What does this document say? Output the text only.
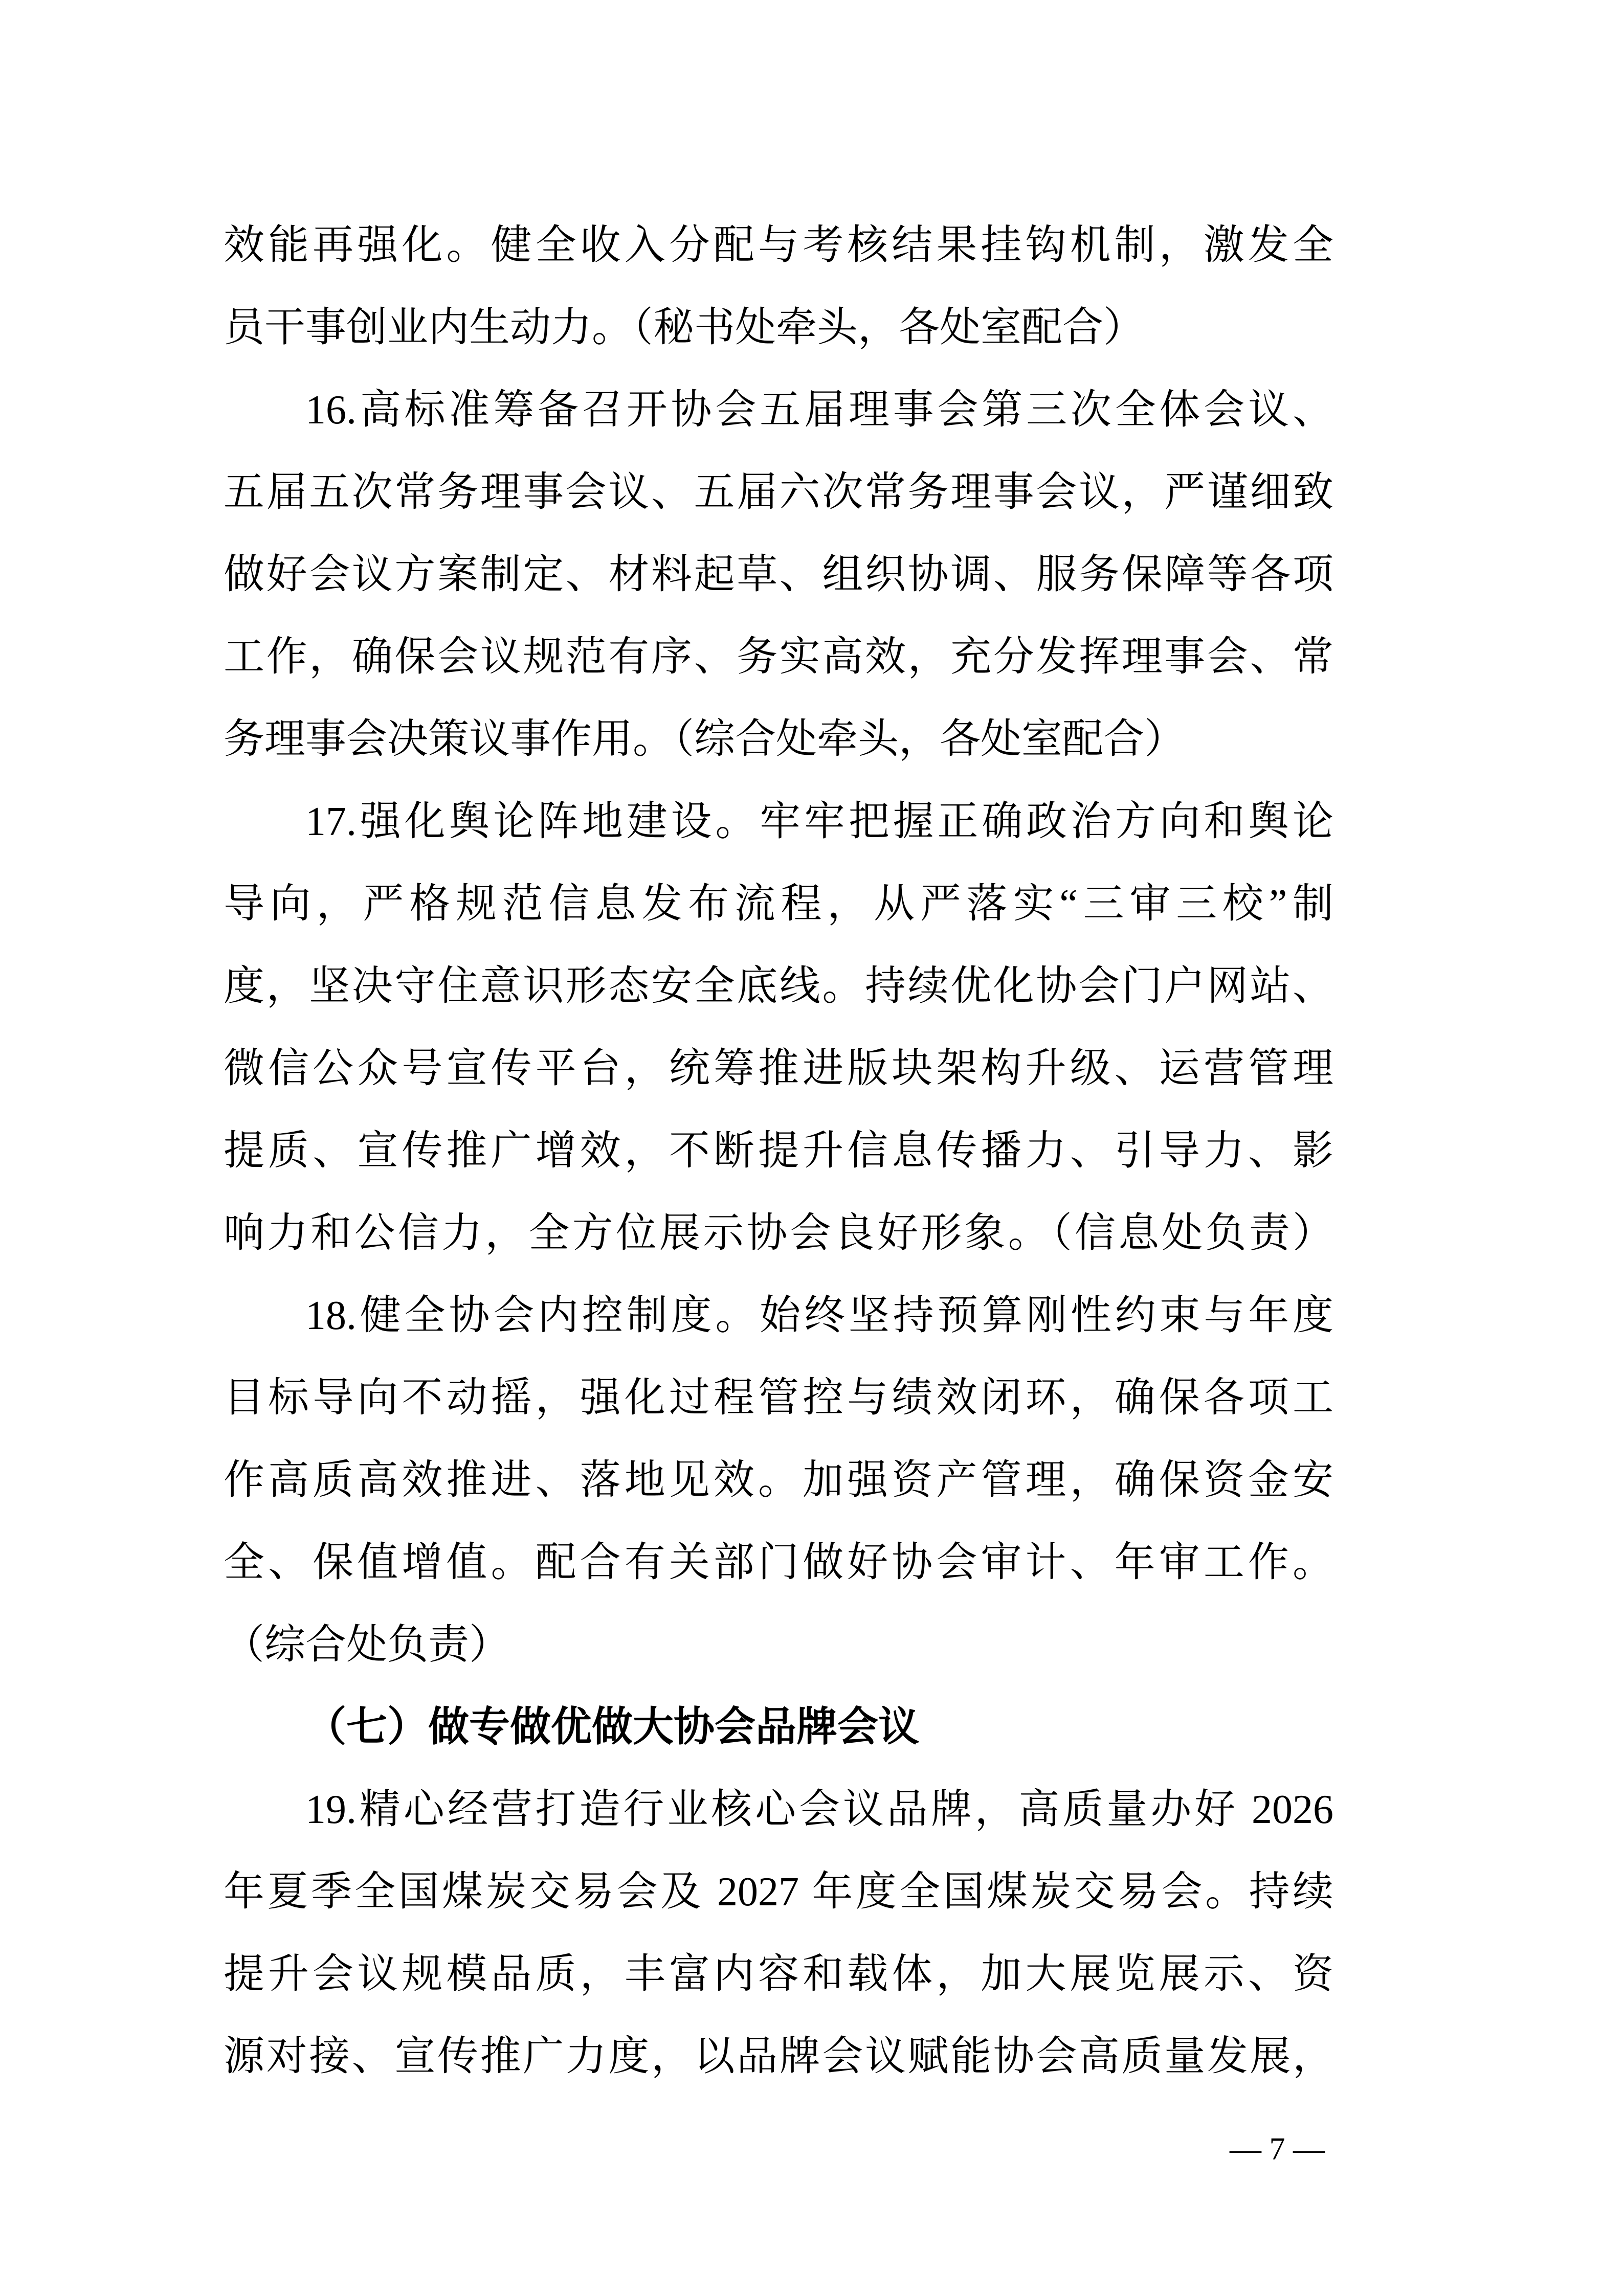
效能再强化。健全收入分配与考核结果挂钩机制，激发全
员干事创业内生动力。（秘书处牵头，各处室配合）
16.高标准筹备召开协会五届理事会第三次全体会议、
五届五次常务理事会议、五届六次常务理事会议，严谨细致
做好会议方案制定、材料起草、组织协调、服务保障等各项
工作，确保会议规范有序、务实高效，充分发挥理事会、常
务理事会决策议事作用。（综合处牵头，各处室配合）
17.强化舆论阵地建设。牢牢把握正确政治方向和舆论
导向，严格规范信息发布流程，从严落实“三审三校”制
度，坚决守住意识形态安全底线。持续优化协会门户网站、
微信公众号宣传平台，统筹推进版块架构升级、运营管理
提质、宣传推广增效，不断提升信息传播力、引导力、影
响力和公信力，全方位展示协会良好形象。（信息处负责）
18.健全协会内控制度。始终坚持预算刚性约束与年度
目标导向不动摇，强化过程管控与绩效闭环，确保各项工
作高质高效推进、落地见效。加强资产管理，确保资金安
全、保值增值。配合有关部门做好协会审计、年审工作。
（综合处负责）
（七）做专做优做大协会品牌会议
19.精心经营打造行业核心会议品牌，高质量办好 2026
年夏季全国煤炭交易会及 2027 年度全国煤炭交易会。持续
提升会议规模品质，丰富内容和载体，加大展览展示、资
源对接、宣传推广力度，以品牌会议赋能协会高质量发展，
— 7 —
